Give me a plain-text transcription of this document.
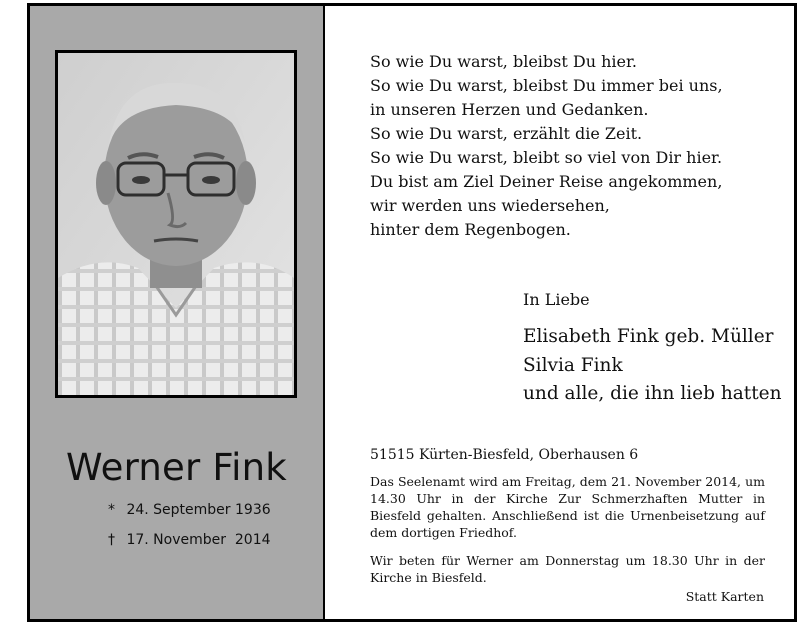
Werner Fink
* 24. September 1936
† 17. November  2014
So wie Du warst, bleibst Du hier.
So wie Du warst, bleibst Du immer bei uns,
in unseren Herzen und Gedanken.
So wie Du warst, erzählt die Zeit.
So wie Du warst, bleibt so viel von Dir hier.
Du bist am Ziel Deiner Reise angekommen,
wir werden uns wiedersehen,
hinter dem Regenbogen.
In Liebe
Elisabeth Fink geb. Müller
Silvia Fink
und alle, die ihn lieb hatten
51515 Kürten-Biesfeld, Oberhausen 6
Das Seelenamt wird am Freitag, dem 21. November 2014, um 14.30 Uhr in der Kirche Zur Schmerzhaften Mutter in Biesfeld gehalten. Anschließend ist die Urnenbeisetzung auf dem dortigen Friedhof.
Wir beten für Werner am Donnerstag um 18.30 Uhr in der Kirche in Biesfeld.
Statt Karten
